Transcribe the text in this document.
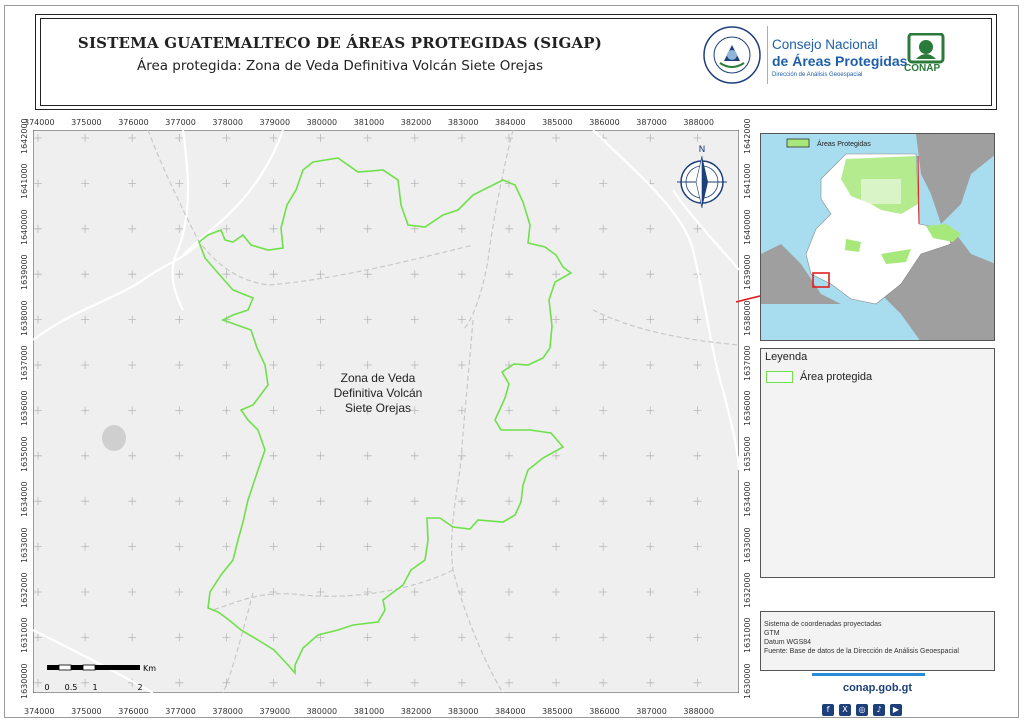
SISTEMA GUATEMALTECO DE ÁREAS PROTEGIDAS (SIGAP)
Área protegida: Zona de Veda Definitiva Volcán Siete Orejas
Consejo Nacional
de Áreas Protegidas
Dirección de Análisis Geoespacial
CONAP
Zona de Veda
Definitiva Volcán
Siete Orejas
N
Km
0 0.5 1	2
374000
374000
375000
375000
376000
376000
377000
377000
378000
378000
379000
379000
380000
380000
381000
381000
382000
382000
383000
383000
384000
384000
385000
385000
386000
386000
387000
387000
388000
388000
1642000	1642000
1641000	1641000
1640000	1640000
1639000	1639000
1638000	1638000
1637000	1637000
1636000	1636000
1635000	1635000
1634000	1634000
1633000	1633000
1632000	1632000
1631000	1631000
1630000	1630000
Áreas Protegidas
Leyenda
Área protegida
Sistema de coordenadas proyectadas
GTM
Datum WGS84
Fuente: Base de datos de la Dirección de Análisis Geoespacial
conap.gob.gt
f X ◎ ♪ ▶
